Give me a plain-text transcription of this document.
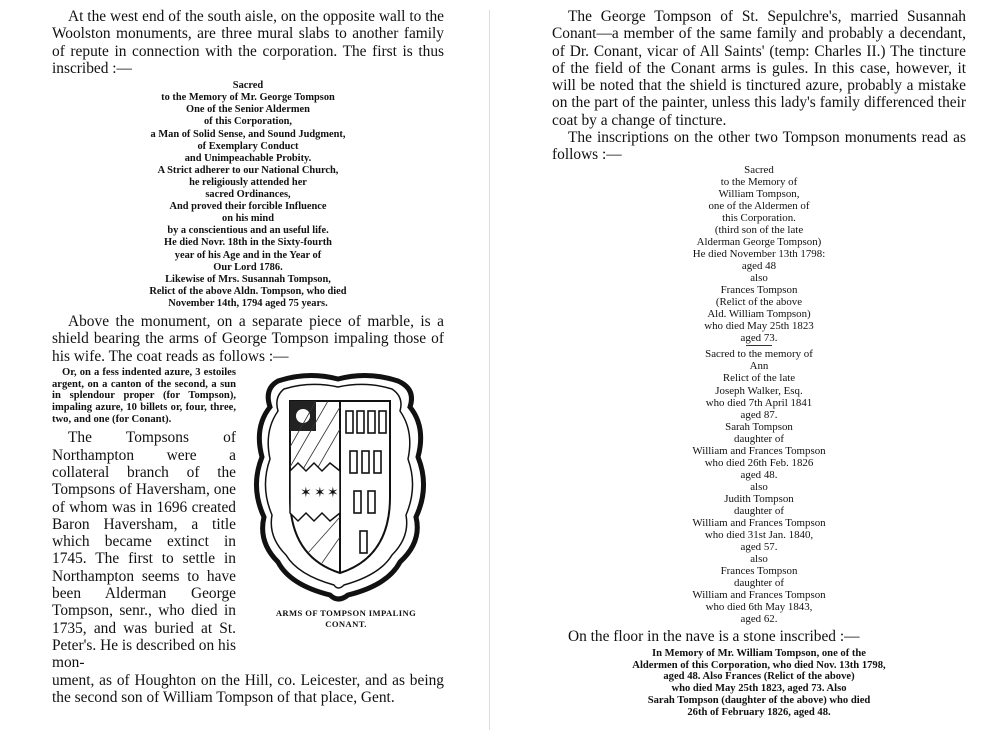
At the west end of the south aisle, on the opposite wall to the Woolston monuments, are three mural slabs to another family of repute in connection with the corporation. The first is thus inscribed :—

Sacred
to the Memory of Mr. George Tompson
One of the Senior Aldermen
of this Corporation,
a Man of Solid Sense, and Sound Judgment,
of Exemplary Conduct
and Unimpeachable Probity.
A Strict adherer to our National Church,
he religiously attended her
sacred Ordinances,
And proved their forcible Influence
on his mind
by a conscientious and an useful life.
He died Novr. 18th in the Sixty-fourth
year of his Age and in the Year of
Our Lord 1786.
Likewise of Mrs. Susannah Tompson,
Relict of the above Aldn. Tompson, who died
November 14th, 1794 aged 75 years.

Above the monument, on a separate piece of marble, is a shield bearing the arms of George Tompson impaling those of his wife. The coat reads as follows :—

Or, on a fess indented azure, 3 estoiles argent, on a canton of the second, a sun in splendour proper (for Tompson), impaling azure, 10 billets or, four, three, two, and one (for Conant).

The Tompsons of Northampton were a collateral branch of the Tompsons of Haversham, one of whom was in 1696 created Baron Haversham, a title which became extinct in 1745. The first to settle in Northampton seems to have been Alderman George Tompson, senr., who died in 1735, and was buried at St. Peter's. He is described on his mon-

✶ ✶ ✶
ARMS OF TOMPSON IMPALING
CONANT.

ument, as of Houghton on the Hill, co. Leicester, and as being the second son of William Tompson of that place, Gent.

The George Tompson of St. Sepulchre's, married Susannah Conant—a member of the same family and probably a decendant, of Dr. Conant, vicar of All Saints' (temp: Charles II.) The tincture of the field of the Conant arms is gules. In this case, however, it will be noted that the shield is tinctured azure, probably a mistake on the part of the painter, unless this lady's family differenced their coat by a change of tincture.

The inscriptions on the other two Tompson monuments read as follows :—

Sacred
to the Memory of
William Tompson,
one of the Aldermen of
this Corporation.
(third son of the late
Alderman George Tompson)
He died November 13th 1798:
aged 48
also
Frances Tompson
(Relict of the above
Ald. William Tompson)
who died May 25th 1823
aged 73.
Sacred to the memory of
Ann
Relict of the late
Joseph Walker, Esq.
who died 7th April 1841
aged 87.
Sarah Tompson
daughter of
William and Frances Tompson
who died 26th Feb. 1826
aged 48.
also
Judith Tompson
daughter of
William and Frances Tompson
who died 31st Jan. 1840,
aged 57.
also
Frances Tompson
daughter of
William and Frances Tompson
who died 6th May 1843,
aged 62.

On the floor in the nave is a stone inscribed :—

In Memory of Mr. William Tompson, one of the
Aldermen of this Corporation, who died Nov. 13th 1798,
aged 48. Also Frances (Relict of the above)
who died May 25th 1823, aged 73. Also
Sarah Tompson (daughter of the above) who died
26th of February 1826, aged 48.
